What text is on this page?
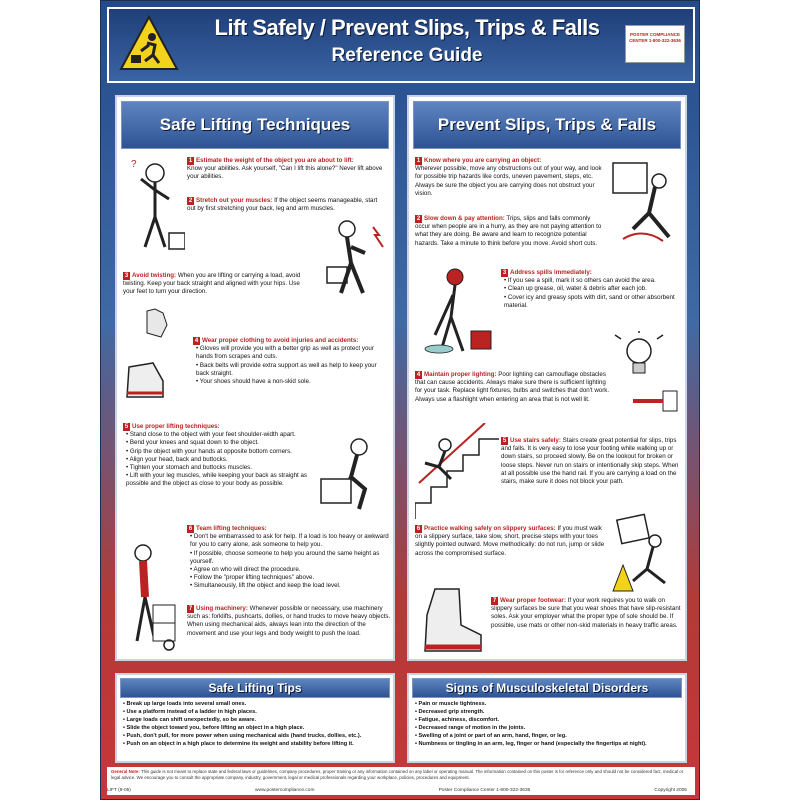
Lift Safely / Prevent Slips, Trips & Falls
Reference Guide
POSTER COMPLIANCE CENTER 1-800-322-3636
Safe Lifting Techniques
?	1 Estimate the weight of the object you are about to lift:
Know your abilities. Ask yourself, "Can I lift this alone?" Never lift above your abilities.
2 Stretch out your muscles: If the object seems manageable, start out by first stretching your back, leg and arm muscles.
3 Avoid twisting: When you are lifting or carrying a load, avoid twisting. Keep your back straight and aligned with your hips. Use your feet to turn your direction.
4 Wear proper clothing to avoid injuries and accidents:
• Gloves will provide you with a better grip as well as protect your hands from scrapes and cuts.
• Back belts will provide extra support as well as help to keep your back straight.
• Your shoes should have a non-skid sole.
5 Use proper lifting techniques:
• Stand close to the object with your feet shoulder-width apart.
• Bend your knees and squat down to the object.
• Grip the object with your hands at opposite bottom corners.
• Align your head, back and buttocks.
• Tighten your stomach and buttocks muscles.
• Lift with your leg muscles, while keeping your back as straight as possible and the object as close to your body as possible.
6 Team lifting techniques:
• Don't be embarrassed to ask for help. If a load is too heavy or awkward for you to carry alone, ask someone to help you.
• If possible, choose someone to help you around the same height as yourself.
• Agree on who will direct the procedure.
• Follow the "proper lifting techniques" above.
• Simultaneously, lift the object and keep the load level.
7 Using machinery: Whenever possible or necessary, use machinery such as: forklifts, pushcarts, dollies, or hand trucks to move heavy objects. When using mechanical aids, always lean into the direction of the movement and use your legs and body weight to push the load.
Prevent Slips, Trips & Falls
1 Know where you are carrying an object:
Wherever possible, move any obstructions out of your way, and look for possible trip hazards like cords, uneven pavement, steps, etc. Always be sure the object you are carrying does not obstruct your vision.
2 Slow down & pay attention: Trips, slips and falls commonly occur when people are in a hurry, as they are not paying attention to what they are doing. Be aware and learn to recognize potential hazards. Take a minute to think before you move. Avoid short cuts.
3 Address spills immediately:
• If you see a spill, mark it so others can avoid the area.
• Clean up grease, oil, water & debris after each job.
• Cover icy and greasy spots with dirt, sand or other absorbent material.
4 Maintain proper lighting: Poor lighting can camouflage obstacles that can cause accidents. Always make sure there is sufficient lighting for your task. Replace light fixtures, bulbs and switches that don't work. Always use a flashlight when entering an area that is not well lit.
5 Use stairs safely: Stairs create great potential for slips, trips and falls. It is very easy to lose your footing while walking up or down stairs, so proceed slowly. Be on the lookout for broken or loose steps. Never run on stairs or intentionally skip steps. When at all possible use the hand rail. If you are carrying a load on the stairs, make sure it does not block your path.
6 Practice walking safely on slippery surfaces: If you must walk on a slippery surface, take slow, short, precise steps with your toes slightly pointed outward. Move methodically: do not run, jump or slide across the compromised surface.
7 Wear proper footwear: If your work requires you to walk on slippery surfaces be sure that you wear shoes that have slip-resistant soles. Ask your employer what the proper type of sole should be. If possible, use mats or other non-skid materials in heavy traffic areas.
Safe Lifting Tips
• Break up large loads into several small ones.
• Use a platform instead of a ladder in high places.
• Large loads can shift unexpectedly, so be aware.
• Slide the object toward you, before lifting an object in a high place.
• Push, don't pull, for more power when using mechanical aids (hand trucks, dollies, etc.).
• Push on an object in a high place to determine its weight and stability before lifting it.
Signs of Musculoskeletal Disorders
• Pain or muscle tightness.
• Decreased grip strength.
• Fatigue, achiness, discomfort.
• Decreased range of motion in the joints.
• Swelling of a joint or part of an arm, hand, finger, or leg.
• Numbness or tingling in an arm, leg, finger or hand (especially the fingertips at night).
General Note: This guide is not meant to replace state and federal laws or guidelines, company procedures, proper training or any information contained on any label or operating manual. The information contained on this poster is for reference only and should not be considered fact, medical or legal advice. We encourage you to consult the appropriate company, industry, government, legal or medical professionals regarding your workplace, policies, procedures and equipment.
LIFT (8-05)	www.postercompliance.com	Poster Compliance Center 1-800-322-3636	Copyright 2005
